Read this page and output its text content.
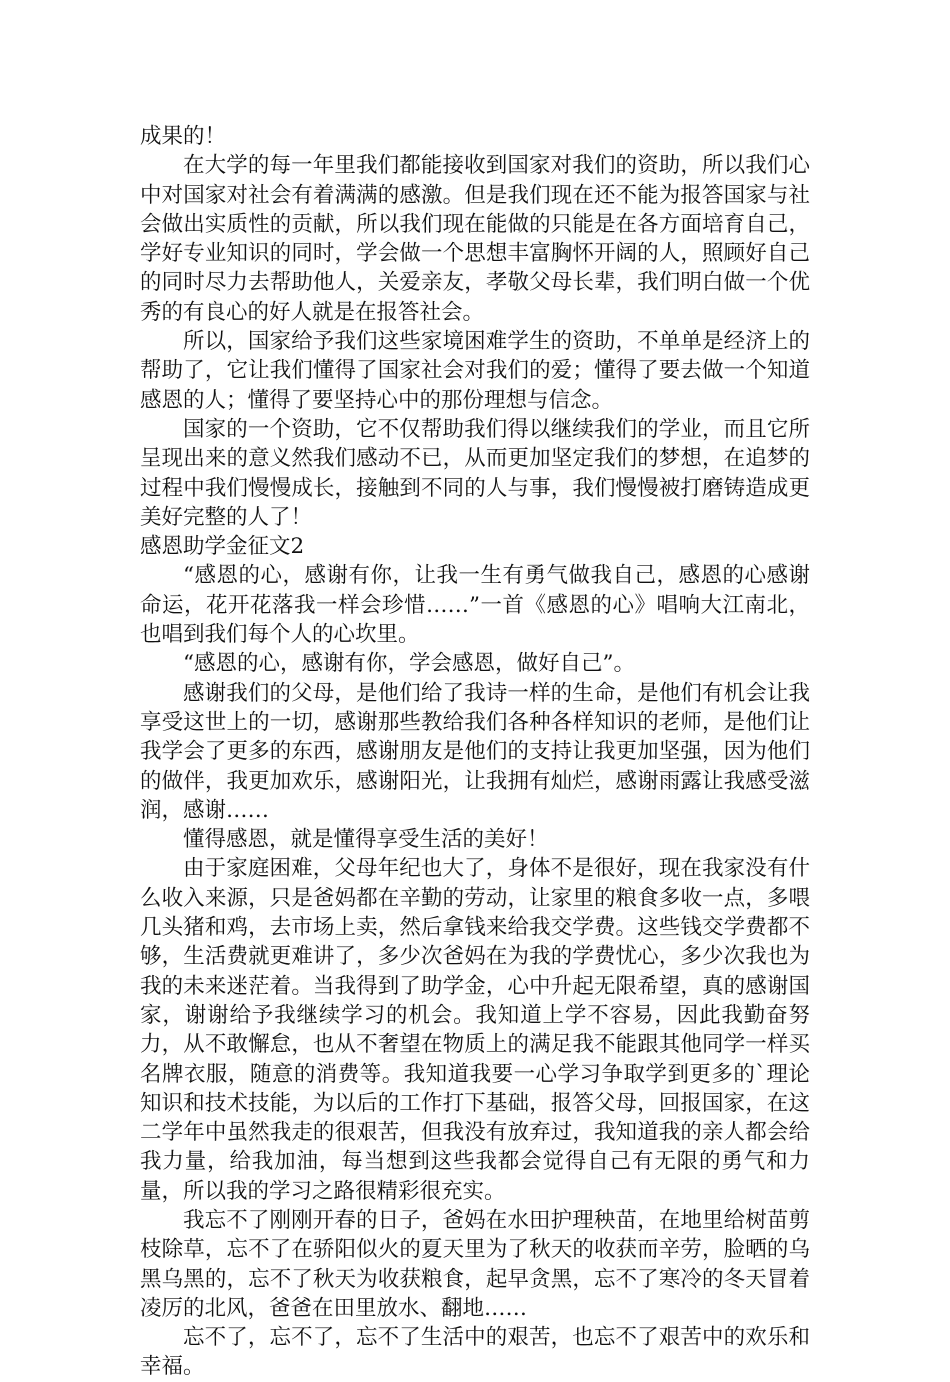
成果的！

在大学的每一年里我们都能接收到国家对我们的资助，所以我们心中对国家对社会有着满满的感激。但是我们现在还不能为报答国家与社会做出实质性的贡献，所以我们现在能做的只能是在各方面培育自己，学好专业知识的同时，学会做一个思想丰富胸怀开阔的人，照顾好自己的同时尽力去帮助他人，关爱亲友，孝敬父母长辈，我们明白做一个优秀的有良心的好人就是在报答社会。

所以，国家给予我们这些家境困难学生的资助，不单单是经济上的帮助了，它让我们懂得了国家社会对我们的爱；懂得了要去做一个知道感恩的人；懂得了要坚持心中的那份理想与信念。

国家的一个资助，它不仅帮助我们得以继续我们的学业，而且它所呈现出来的意义然我们感动不已，从而更加坚定我们的梦想，在追梦的过程中我们慢慢成长，接触到不同的人与事，我们慢慢被打磨铸造成更美好完整的人了！

感恩助学金征文2

“感恩的心，感谢有你，让我一生有勇气做我自己，感恩的心感谢命运，花开花落我一样会珍惜……”一首《感恩的心》唱响大江南北，也唱到我们每个人的心坎里。

“感恩的心，感谢有你，学会感恩，做好自己”。

感谢我们的父母，是他们给了我诗一样的生命，是他们有机会让我享受这世上的一切，感谢那些教给我们各种各样知识的老师，是他们让我学会了更多的东西，感谢朋友是他们的支持让我更加坚强，因为他们的做伴，我更加欢乐，感谢阳光，让我拥有灿烂，感谢雨露让我感受滋润，感谢……

懂得感恩，就是懂得享受生活的美好！

由于家庭困难，父母年纪也大了，身体不是很好，现在我家没有什么收入来源，只是爸妈都在辛勤的劳动，让家里的粮食多收一点，多喂几头猪和鸡，去市场上卖，然后拿钱来给我交学费。这些钱交学费都不够，生活费就更难讲了，多少次爸妈在为我的学费忧心，多少次我也为我的未来迷茫着。当我得到了助学金，心中升起无限希望，真的感谢国家，谢谢给予我继续学习的机会。我知道上学不容易，因此我勤奋努力，从不敢懈怠，也从不奢望在物质上的满足我不能跟其他同学一样买名牌衣服，随意的消费等。我知道我要一心学习争取学到更多的`理论知识和技术技能，为以后的工作打下基础，报答父母，回报国家，在这二学年中虽然我走的很艰苦，但我没有放弃过，我知道我的亲人都会给我力量，给我加油，每当想到这些我都会觉得自己有无限的勇气和力量，所以我的学习之路很精彩很充实。

我忘不了刚刚开春的日子，爸妈在水田护理秧苗，在地里给树苗剪枝除草，忘不了在骄阳似火的夏天里为了秋天的收获而辛劳，脸晒的乌黑乌黑的，忘不了秋天为收获粮食，起早贪黑，忘不了寒冷的冬天冒着凌厉的北风，爸爸在田里放水、翻地……

忘不了，忘不了，忘不了生活中的艰苦，也忘不了艰苦中的欢乐和幸福。
